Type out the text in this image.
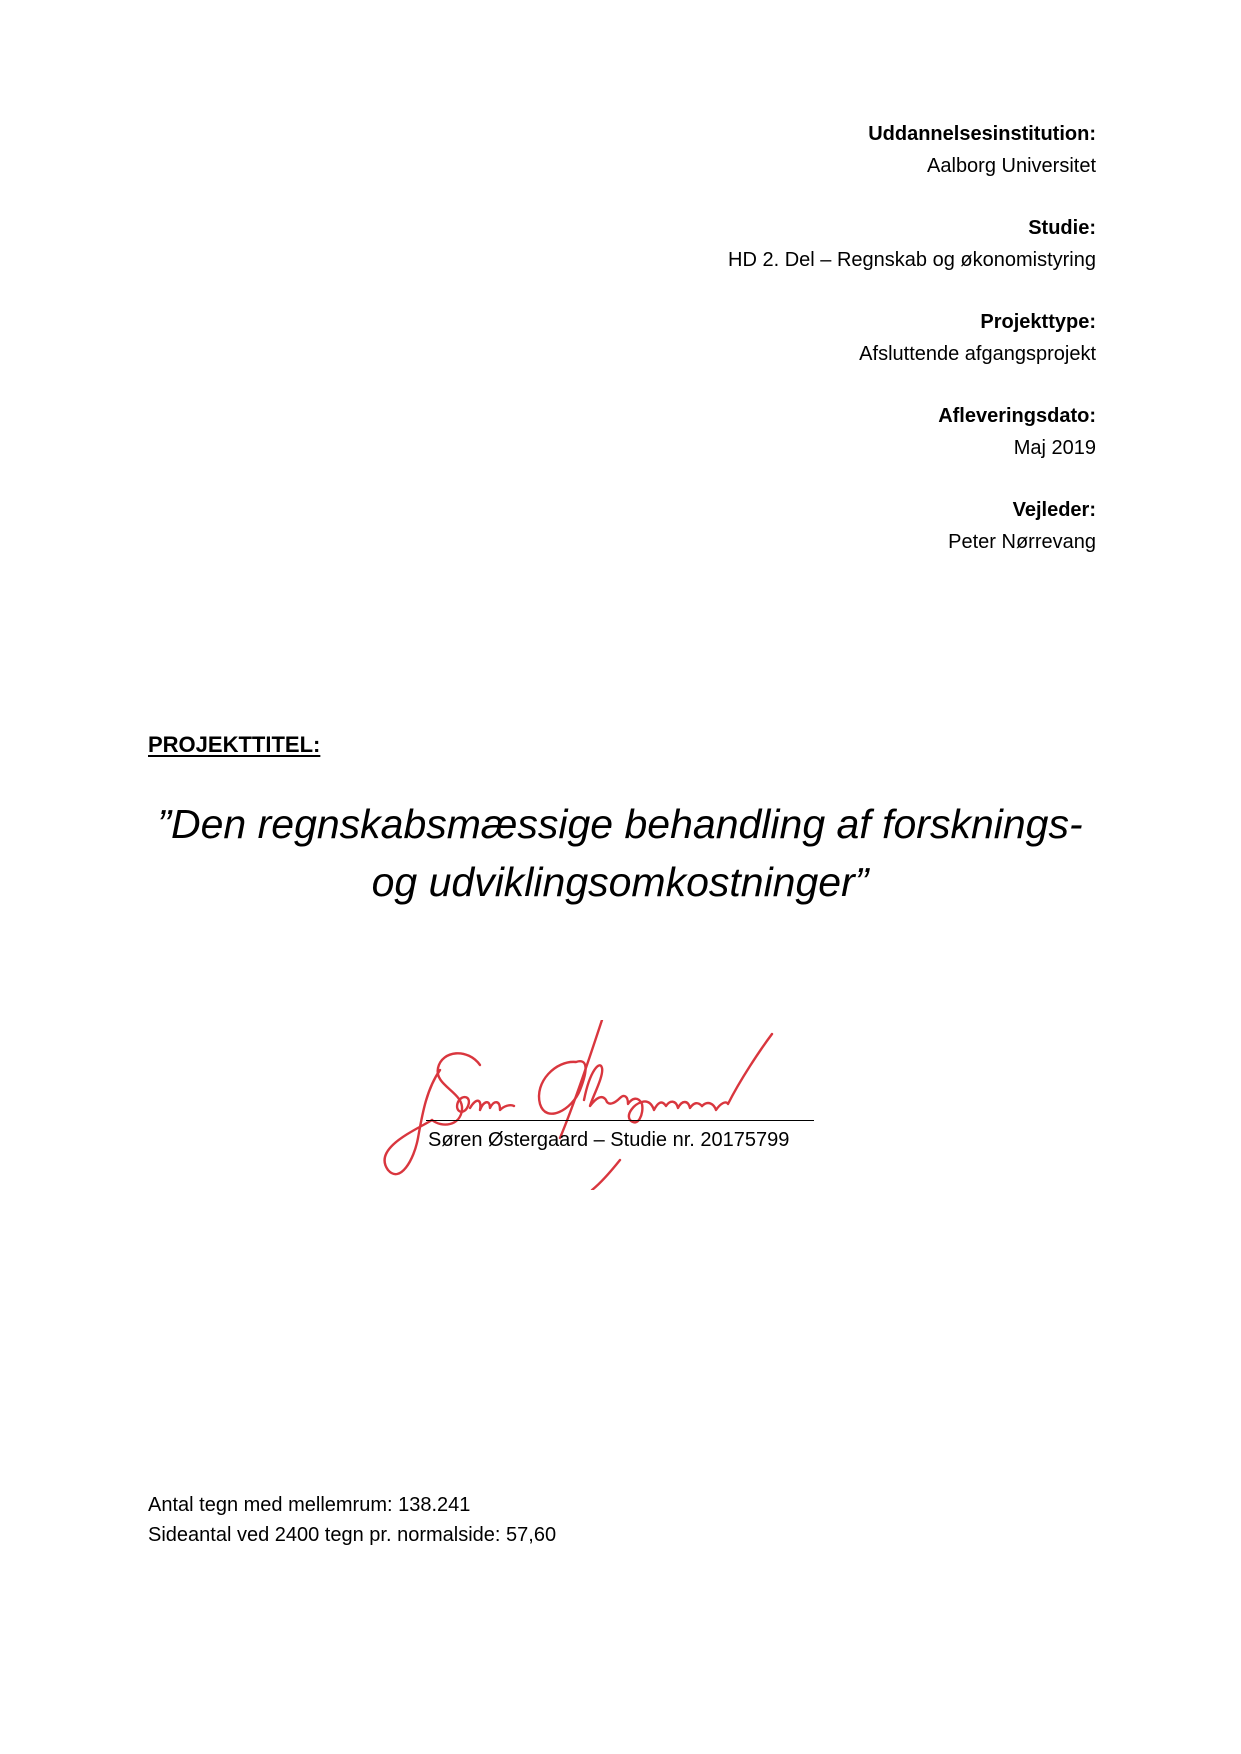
Uddannelsesinstitution:
Aalborg Universitet
Studie:
HD 2. Del – Regnskab og økonomistyring
Projekttype:
Afsluttende afgangsprojekt
Afleveringsdato:
Maj 2019
Vejleder:
Peter Nørrevang
PROJEKTTITEL:
”Den regnskabsmæssige behandling af forsknings-
og udviklingsomkostninger”
Søren Østergaard – Studie nr. 20175799
Antal tegn med mellemrum: 138.241
Sideantal ved 2400 tegn pr. normalside: 57,60
